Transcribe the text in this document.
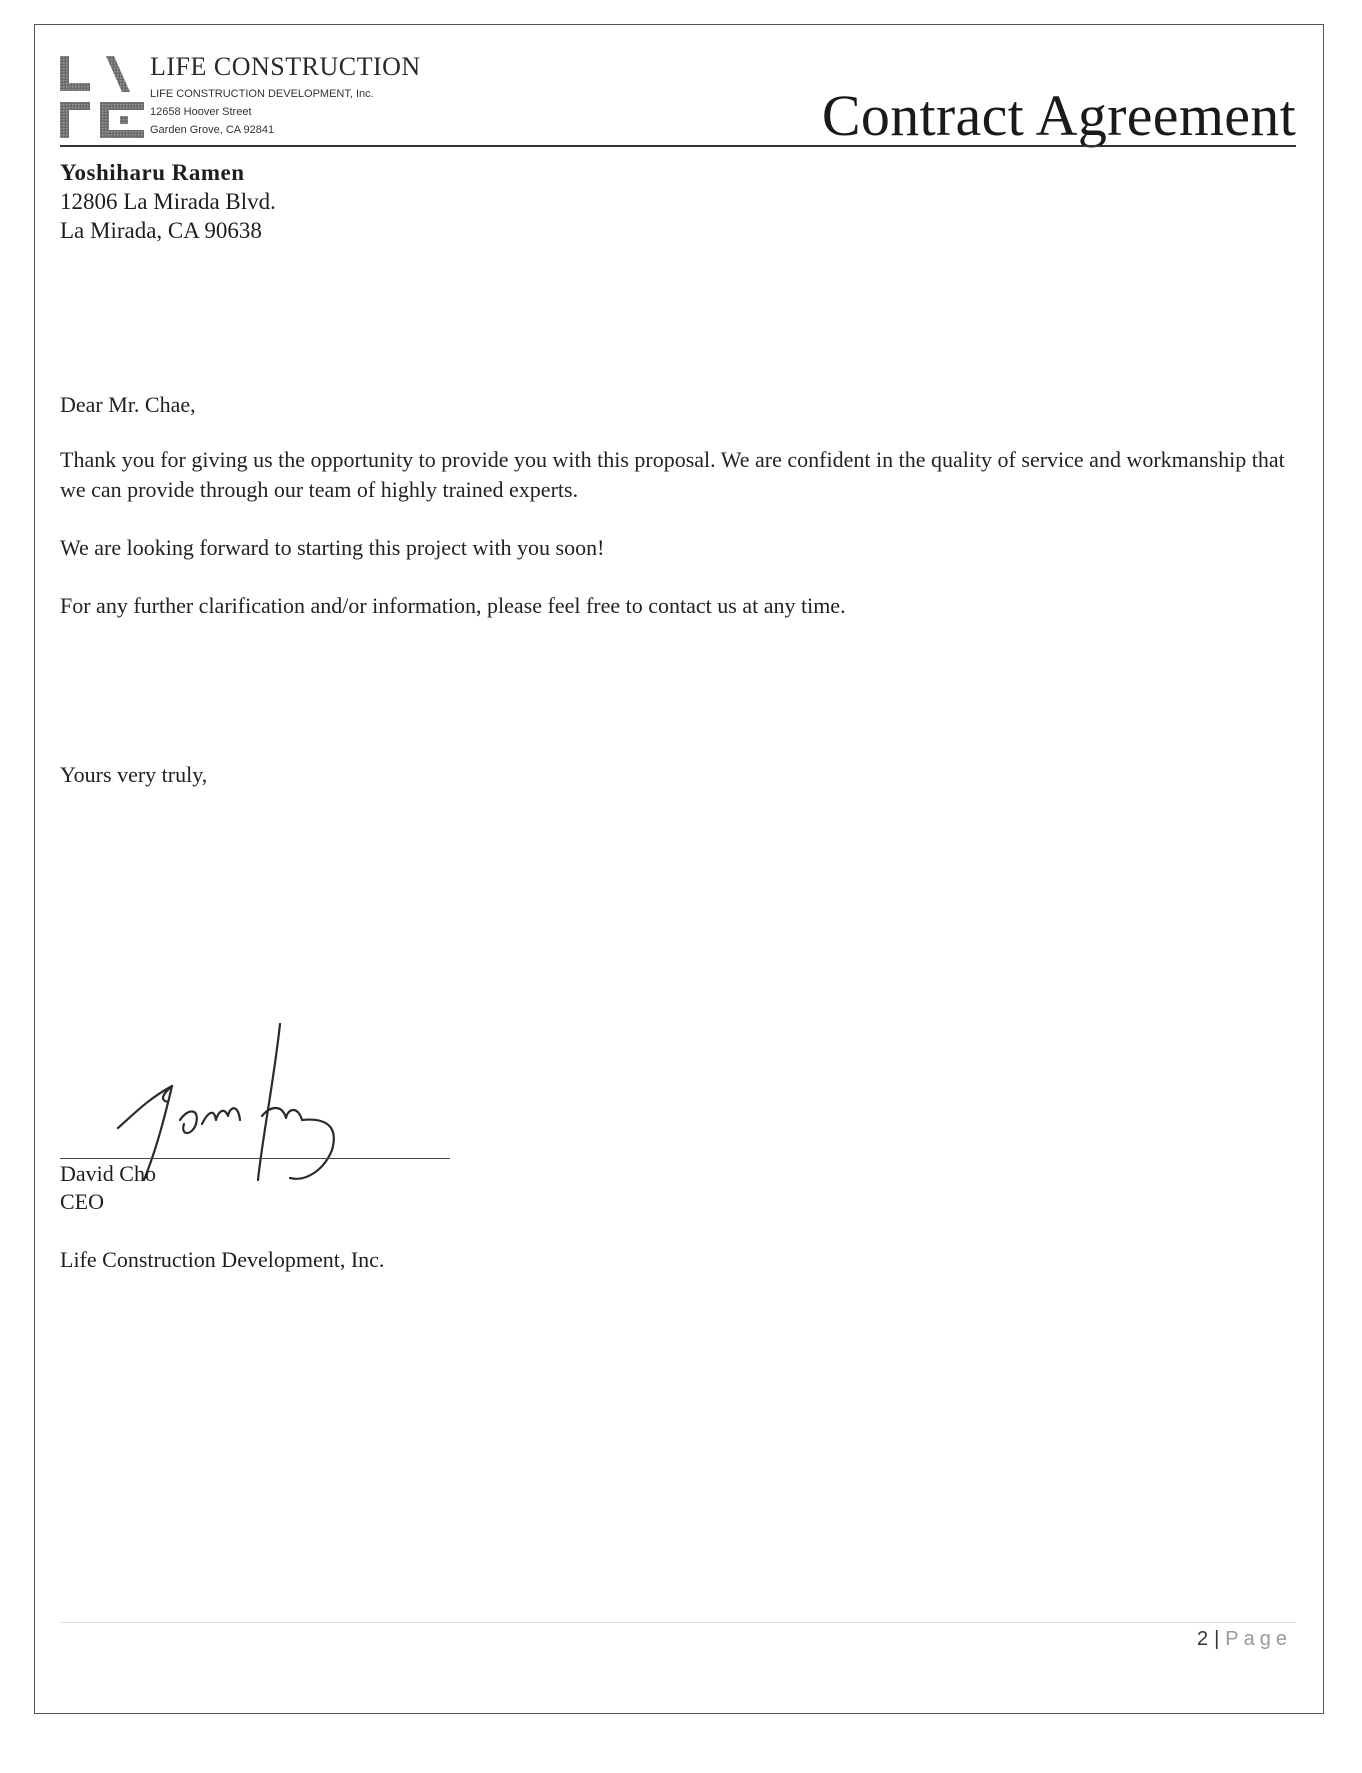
LIFE CONSTRUCTION
LIFE CONSTRUCTION DEVELOPMENT, Inc.
12658 Hoover Street
Garden Grove, CA 92841	Contract Agreement
Yoshiharu Ramen
12806 La Mirada Blvd.
La Mirada, CA 90638
Dear Mr. Chae,
Thank you for giving us the opportunity to provide you with this proposal. We are confident in the quality of service and workmanship that we can provide through our team of highly trained experts.
We are looking forward to starting this project with you soon!
For any further clarification and/or information, please feel free to contact us at any time.
Yours very truly,
David Cho
CEO
Life Construction Development, Inc.
2 | Page
